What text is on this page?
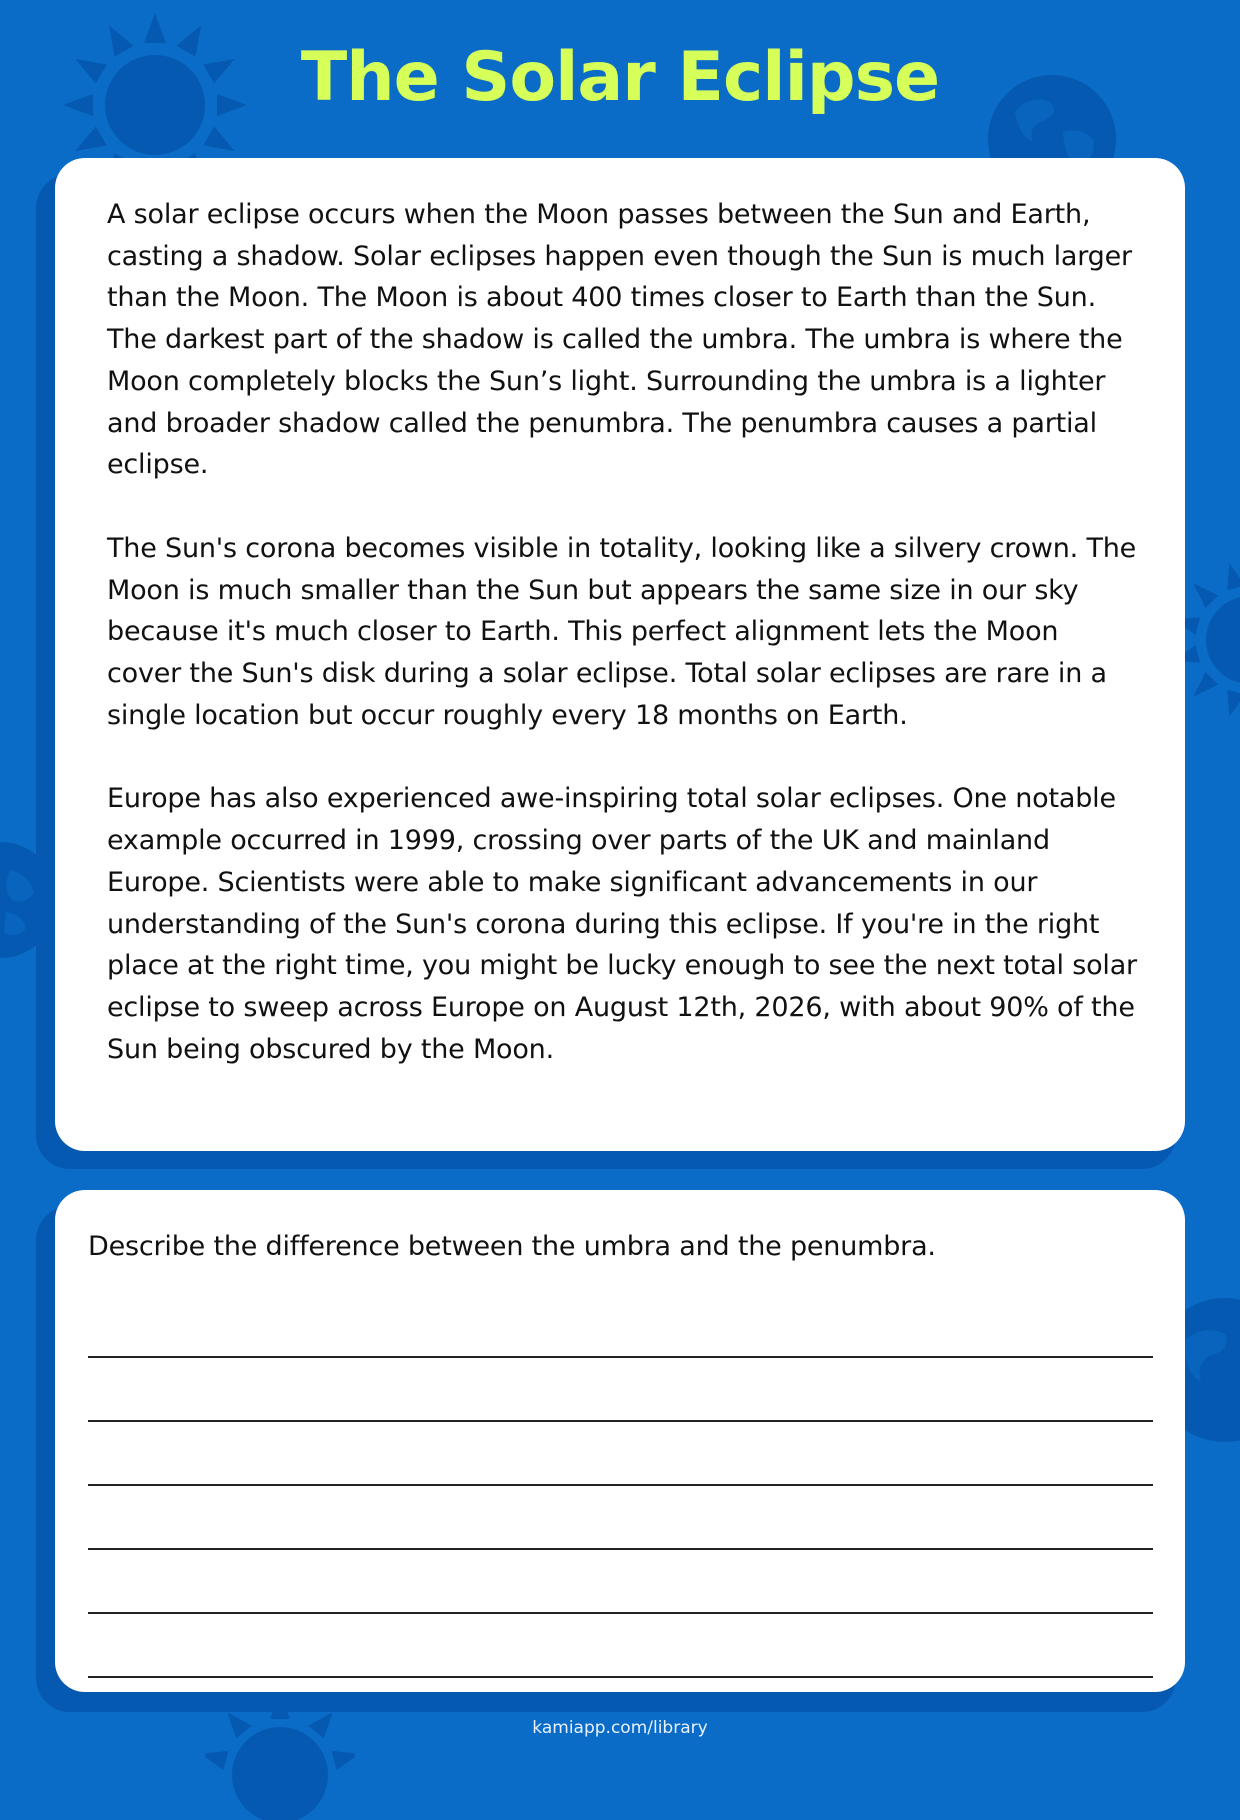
The Solar Eclipse

A solar eclipse occurs when the Moon passes between the Sun and Earth, casting a shadow. Solar eclipses happen even though the Sun is much larger than the Moon. The Moon is about 400 times closer to Earth than the Sun. The darkest part of the shadow is called the umbra. The umbra is where the Moon completely blocks the Sun’s light. Surrounding the umbra is a lighter and broader shadow called the penumbra. The penumbra causes a partial eclipse.

The Sun's corona becomes visible in totality, looking like a silvery crown. The Moon is much smaller than the Sun but appears the same size in our sky because it's much closer to Earth. This perfect alignment lets the Moon cover the Sun's disk during a solar eclipse. Total solar eclipses are rare in a single location but occur roughly every 18 months on Earth.

Europe has also experienced awe-inspiring total solar eclipses. One notable example occurred in 1999, crossing over parts of the UK and mainland Europe. Scientists were able to make significant advancements in our understanding of the Sun's corona during this eclipse. If you're in the right place at the right time, you might be lucky enough to see the next total solar eclipse to sweep across Europe on August 12th, 2026, with about 90% of the Sun being obscured by the Moon.

Describe the difference between the umbra and the penumbra.

kamiapp.com/library
